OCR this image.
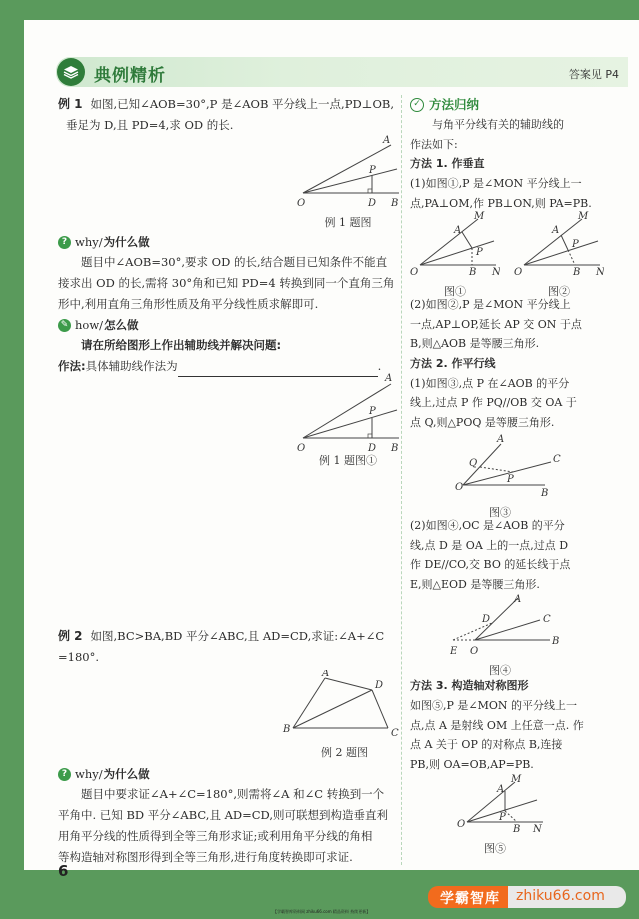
典例精析	答案见 P4

例 1 如图,已知∠AOB=30°,P 是∠AOB 平分线上一点,PD⊥OB,

垂足为 D,且 PD=4,求 OD 的长.

A
P
O	D B
例 1 题图
? why/ 为什么做

题目中∠AOB=30°,要求 OD 的长,结合题目已知条件不能直

接求出 OD 的长,需将 30°角和已知 PD=4 转换到同一个直角三角

形中,利用直角三角形性质及角平分线性质求解即可.

✎ how/ 怎么做

请在所给图形上作出辅助线并解决问题:

作法:具体辅助线作法为	.

A
P
O	D B
例 1 题图①

例 2 如图,BC>BA,BD 平分∠ABC,且 AD=CD,求证:∠A+∠C

=180°.

A
D
B	C
例 2 题图
? why/ 为什么做

题目中要求证∠A+∠C=180°,则需将∠A 和∠C 转换到一个

平角中. 已知 BD 平分∠ABC,且 AD=CD,则可联想到构造垂直利

用角平分线的性质得到全等三角形求证;或利用角平分线的角相

等构造轴对称图形得到全等三角形,进行角度转换即可求证.

✓ 方法归纳

与角平分线有关的辅助线的

作法如下:

方法 1. 作垂直

(1)如图①,P 是∠MON 平分线上一

点,PA⊥OM,作 PB⊥ON,则 PA=PB.

M
A
P
O	B N
图①
M
A
P
O	B N
图②

(2)如图②,P 是∠MON 平分线上

一点,AP⊥OP,延长 AP 交 ON 于点

B,则△AOB 是等腰三角形.

方法 2. 作平行线

(1)如图③,点 P 在∠AOB 的平分

线上,过点 P 作 PQ//OB 交 OA 于

点 Q,则△POQ 是等腰三角形.

A
Q	C
P
O
B
图③

(2)如图④,OC 是∠AOB 的平分

线,点 D 是 OA 上的一点,过点 D

作 DE//CO,交 BO 的延长线于点

E,则△EOD 是等腰三角形.

A
D	C
B
E O
图④
方法 3. 构造轴对称图形

如图⑤,P 是∠MON 的平分线上一

点,点 A 是射线 OM 上任意一点. 作

点 A 关于 OP 的对称点 B,连接

PB,则 OA=OB,AP=PB.

M
A
P
O	B N
图⑤
6
学霸智库	zhiku66.com
【学霸智库资料网 zhiku66.com 精品资料 持续更新】
